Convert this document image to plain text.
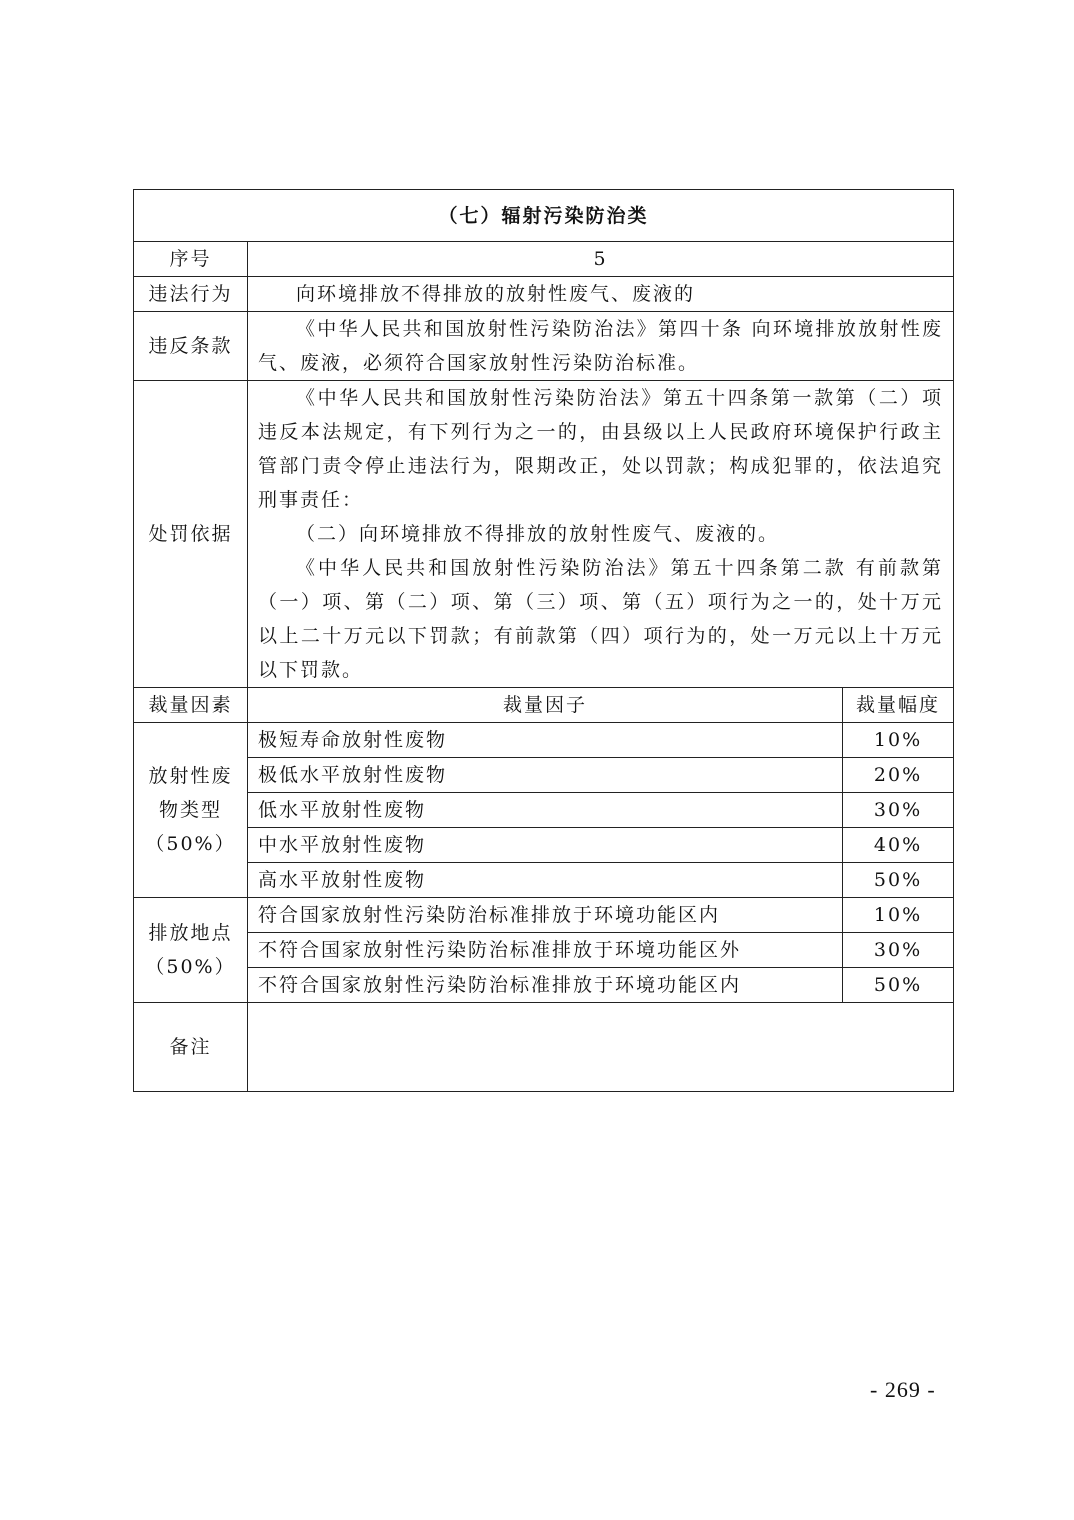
（七）辐射污染防治类		
序号	5	
违法行为	向环境排放不得排放的放射性废气、废液的	

违反条款	《中华人民共和国放射性污染防治法》第四十条 向环境排放放射性废气、废液，必须符合国家放射性污染防治标准。	

处罚依据	《中华人民共和国放射性污染防治法》第五十四条第一款第（二）项 违反本法规定，有下列行为之一的，由县级以上人民政府环境保护行政主管部门责令停止违法行为，限期改正，处以罚款；构成犯罪的，依法追究刑事责任：

（二）向环境排放不得排放的放射性废气、废液的。

《中华人民共和国放射性污染防治法》第五十四条第二款 有前款第（一）项、第（二）项、第（三）项、第（五）项行为之一的，处十万元以上二十万元以下罚款；有前款第（四）项行为的，处一万元以上十万元以下罚款。	

裁量因素	裁量因子	裁量幅度

放射性废
物类型
（50%）	极短寿命放射性废物	10%
	极低水平放射性废物	20%
	低水平放射性废物	30%
	中水平放射性废物	40%
	高水平放射性废物	50%

排放地点
（50%）	符合国家放射性污染防治标准排放于环境功能区内	10%
	不符合国家放射性污染防治标准排放于环境功能区外	30%
	不符合国家放射性污染防治标准排放于环境功能区内	50%
备注		
- 269 -
